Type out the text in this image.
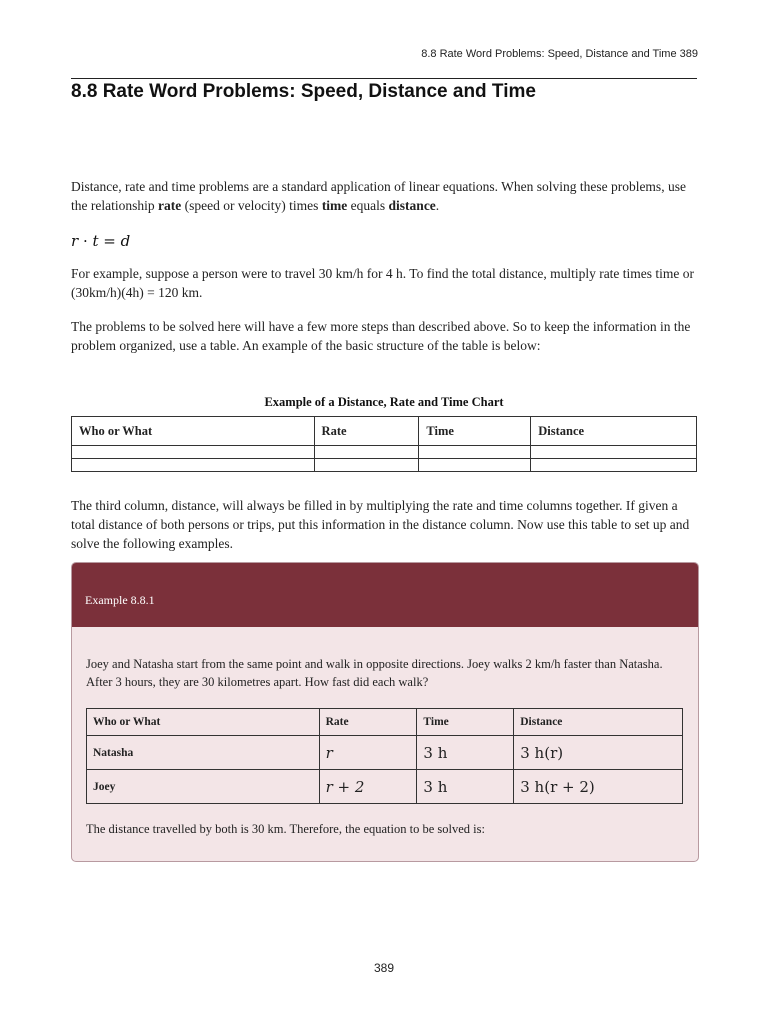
8.8 Rate Word Problems: Speed, Distance and Time 389
8.8 Rate Word Problems: Speed, Distance and Time

Distance, rate and time problems are a standard application of linear equations. When solving these problems, use the relationship rate (speed or velocity) times time equals distance.

r · t = d

For example, suppose a person were to travel 30 km/h for 4 h. To find the total distance, multiply rate times time or (30km/h)(4h) = 120 km.

The problems to be solved here will have a few more steps than described above. So to keep the information in the problem organized, use a table. An example of the basic structure of the table is below:

Example of a Distance, Rate and Time Chart
Who or What	Rate	Time	Distance

The third column, distance, will always be filled in by multiplying the rate and time columns together. If given a total distance of both persons or trips, put this information in the distance column. Now use this table to set up and solve the following examples.

Example 8.8.1

Joey and Natasha start from the same point and walk in opposite directions. Joey walks 2 km/h faster than Natasha. After 3 hours, they are 30 kilometres apart. How fast did each walk?

Who or What	Rate	Time	Distance
Natasha	r	3 h	3 h(r)
Joey	r + 2	3 h	3 h(r + 2)

The distance travelled by both is 30 km. Therefore, the equation to be solved is:

389
